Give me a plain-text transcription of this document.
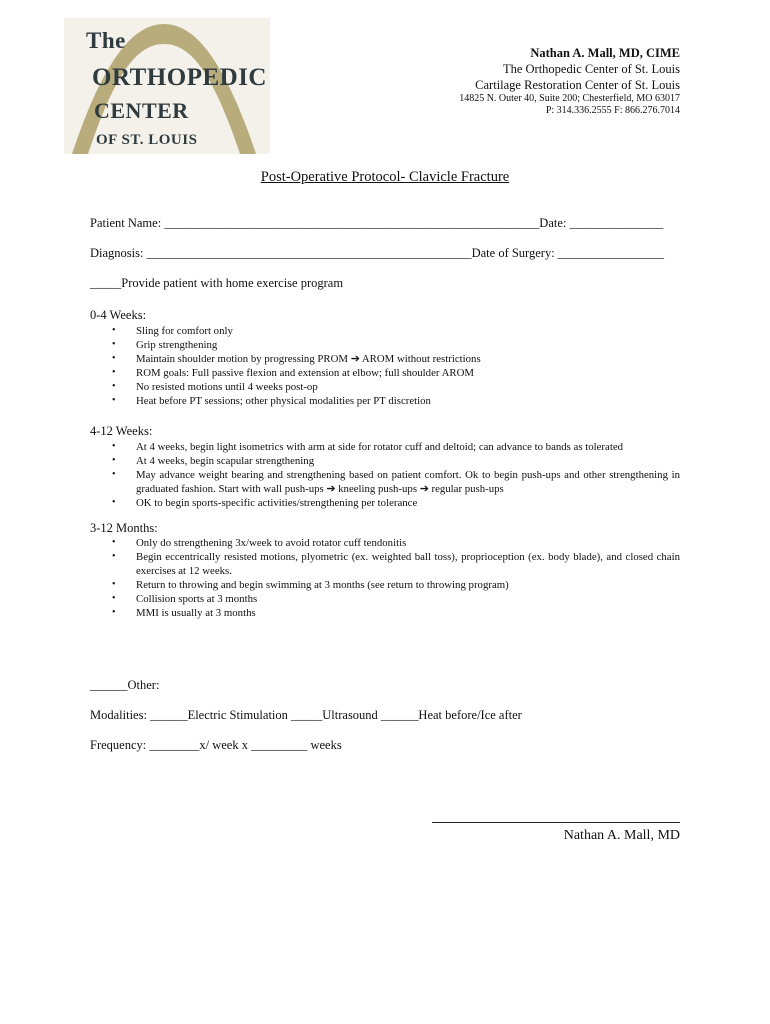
The
ORTHOPEDIC
CENTER
OF ST. LOUIS
Nathan A. Mall, MD, CIME
The Orthopedic Center of St. Louis
Cartilage Restoration Center of St. Louis
14825 N. Outer 40, Suite 200; Chesterfield, MO 63017
P: 314.336.2555 F: 866.276.7014
Post-Operative Protocol- Clavicle Fracture
Patient Name: ____________________________________________________________Date: _______________
Diagnosis: ____________________________________________________Date of Surgery: _________________
_____Provide patient with home exercise program
0-4 Weeks:
• Sling for comfort only
• Grip strengthening
• Maintain shoulder motion by progressing PROM ➔ AROM without restrictions
• ROM goals: Full passive flexion and extension at elbow; full shoulder AROM
• No resisted motions until 4 weeks post-op
• Heat before PT sessions; other physical modalities per PT discretion
4-12 Weeks:
• At 4 weeks, begin light isometrics with arm at side for rotator cuff and deltoid; can advance to bands as tolerated
• At 4 weeks, begin scapular strengthening
• May advance weight bearing and strengthening based on patient comfort. Ok to begin push-ups and other strengthening in graduated fashion. Start with wall push-ups ➔ kneeling push-ups ➔ regular push-ups
• OK to begin sports-specific activities/strengthening per tolerance
3-12 Months:
• Only do strengthening 3x/week to avoid rotator cuff tendonitis
• Begin eccentrically resisted motions, plyometric (ex. weighted ball toss), proprioception (ex. body blade), and closed chain exercises at 12 weeks.
• Return to throwing and begin swimming at 3 months (see return to throwing program)
• Collision sports at 3 months
• MMI is usually at 3 months
______Other:
Modalities: ______Electric Stimulation _____Ultrasound ______Heat before/Ice after
Frequency: ________x/ week x _________ weeks
Nathan A. Mall, MD
